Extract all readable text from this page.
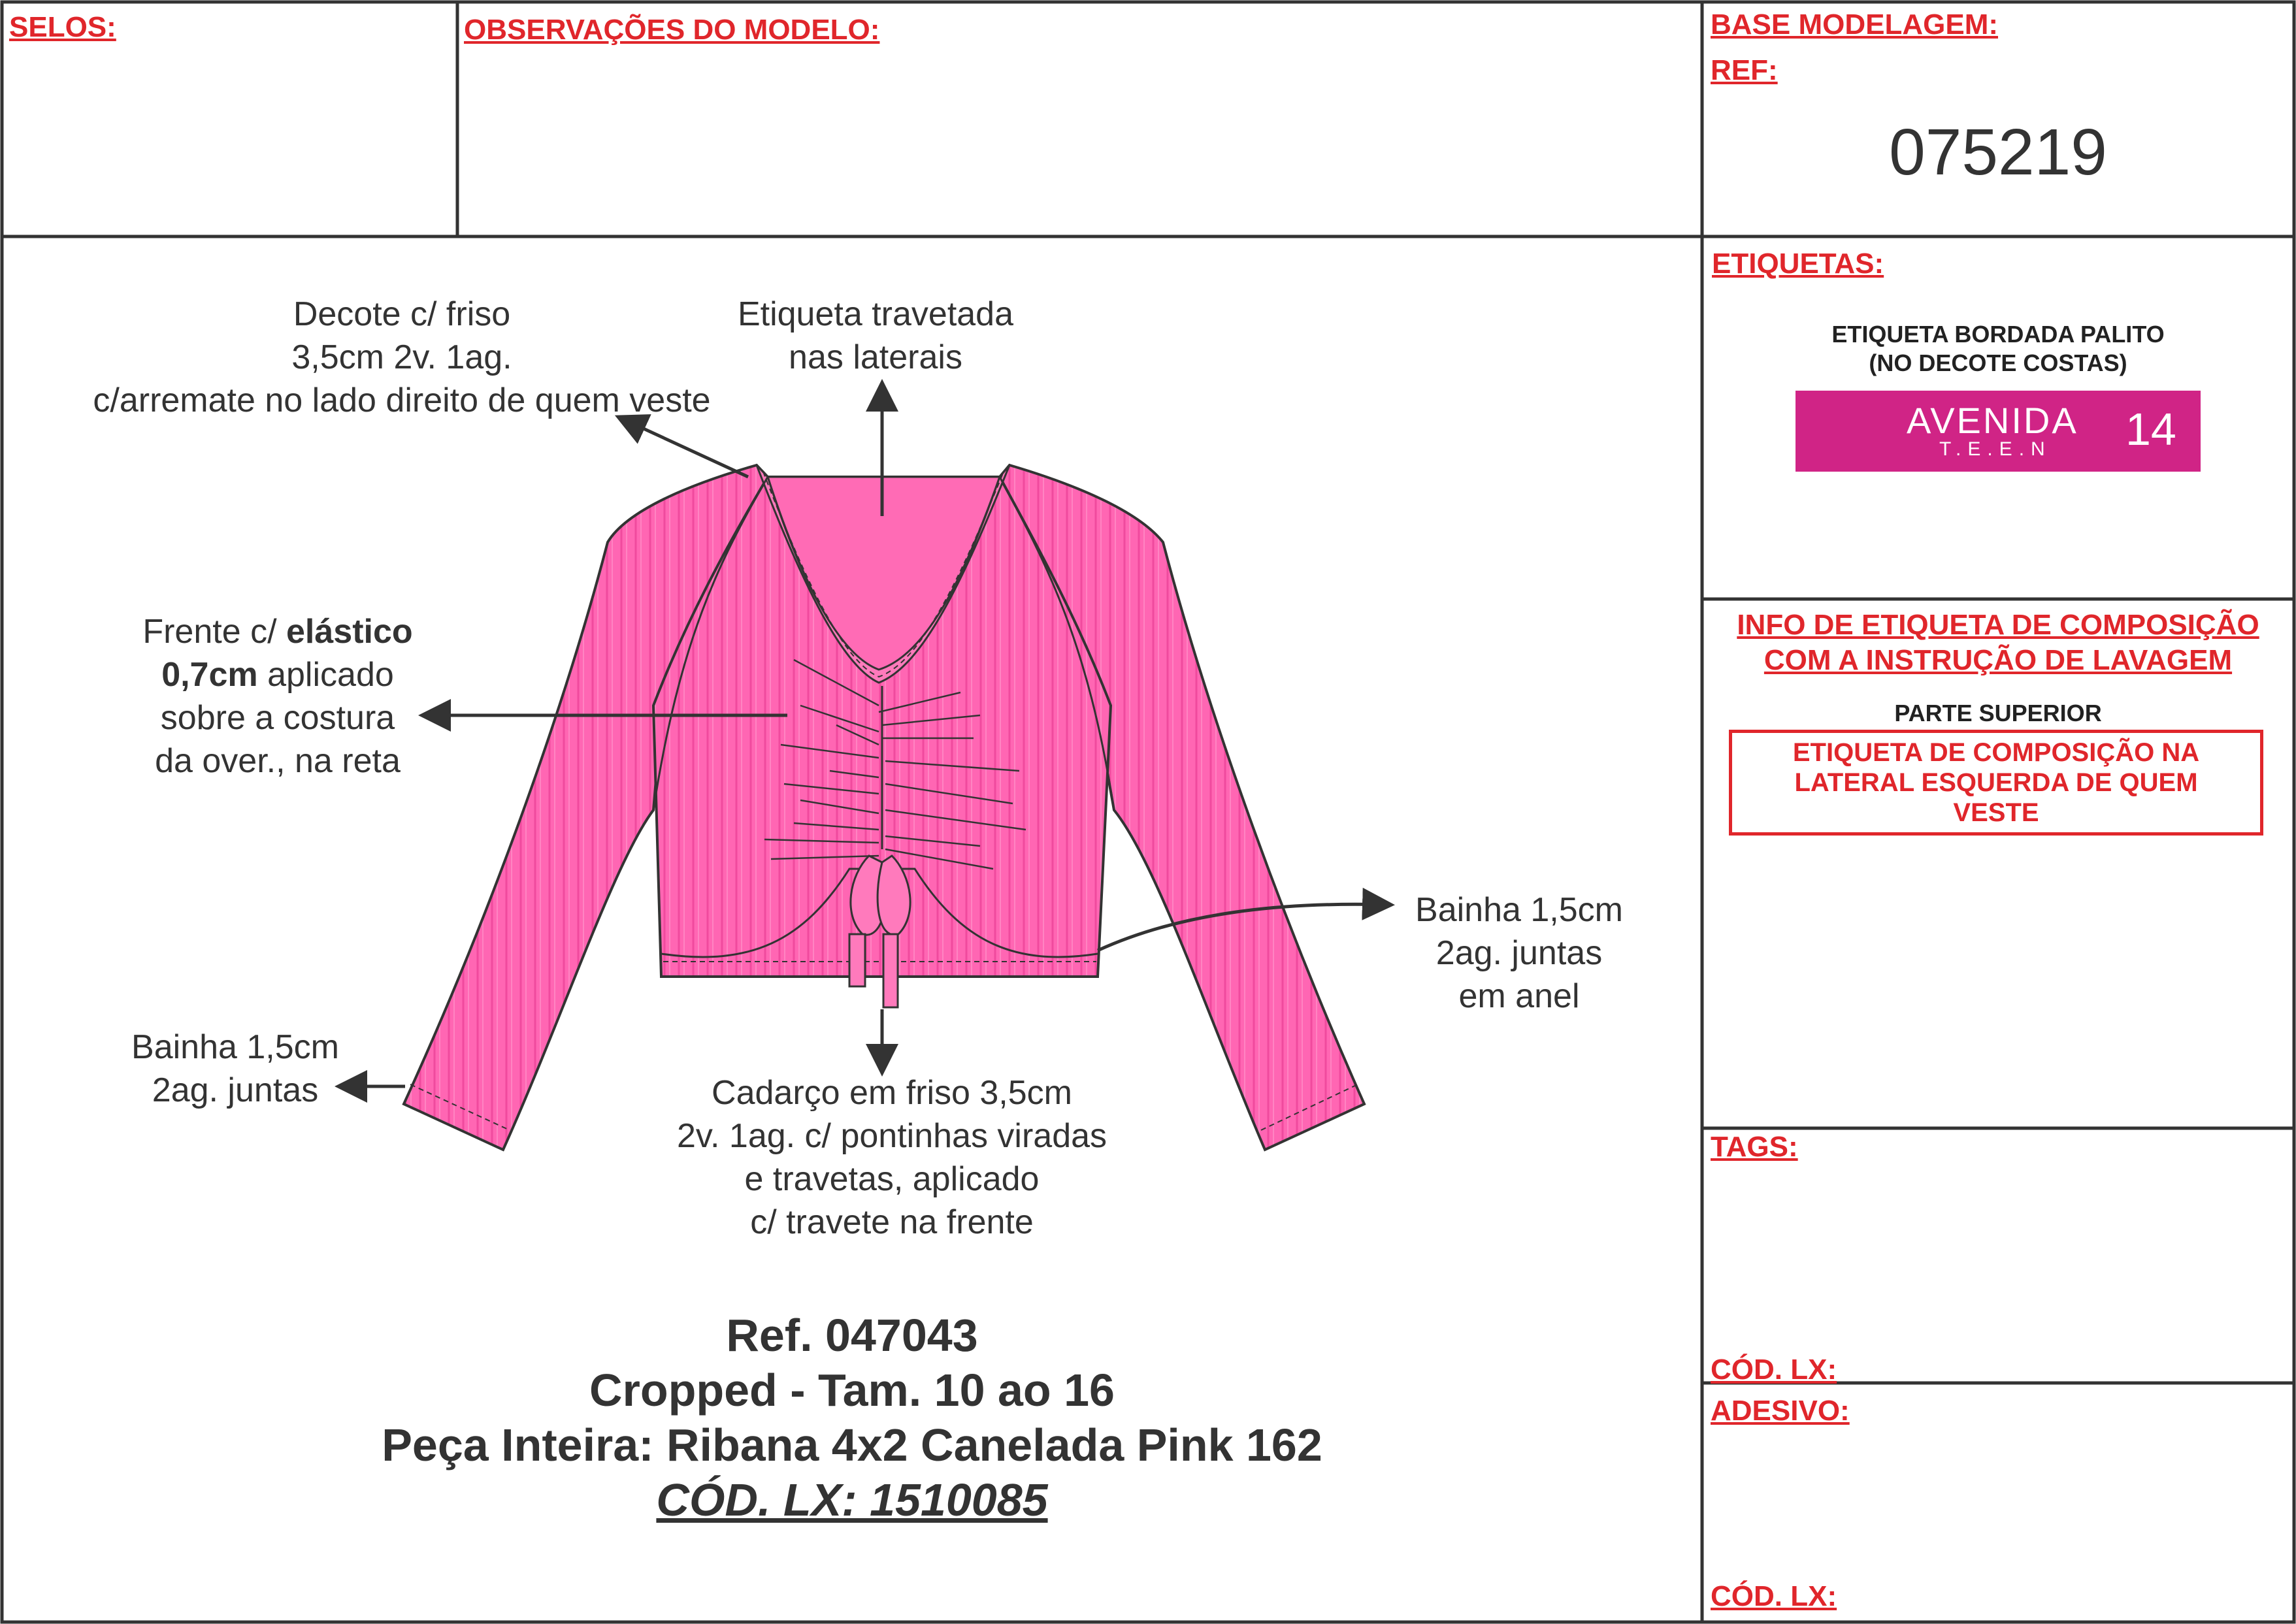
SELOS:	OBSERVAÇÕES DO MODELO:	BASE MODELAGEM:
REF:
075219
ETIQUETAS:
ETIQUETA BORDADA PALITO
(NO DECOTE COSTAS)
AVENIDA
T.E.E.N 14
INFO DE ETIQUETA DE COMPOSIÇÃO
COM A INSTRUÇÃO DE LAVAGEM
PARTE SUPERIOR
ETIQUETA DE COMPOSIÇÃO NA LATERAL ESQUERDA DE QUEM VESTE
TAGS:
CÓD. LX:
ADESIVO:
CÓD. LX:
Decote c/ friso
3,5cm 2v. 1ag.
c/arremate no lado direito de quem veste
Etiqueta travetada
nas laterais
Frente c/ elástico
0,7cm aplicado
sobre a costura
da over., na reta
Bainha 1,5cm
2ag. juntas
em anel
Bainha 1,5cm
2ag. juntas	Cadarço em friso 3,5cm
2v. 1ag. c/ pontinhas viradas
e travetas, aplicado
c/ travete na frente
Ref. 047043
Cropped - Tam. 10 ao 16
Peça Inteira: Ribana 4x2 Canelada Pink 162
CÓD. LX: 1510085
